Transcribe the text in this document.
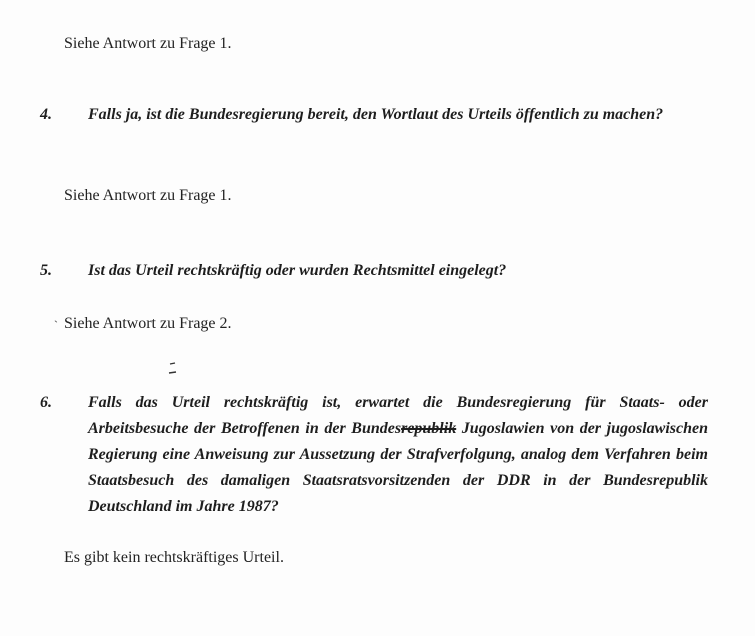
Siehe Antwort zu Frage 1.
4. Falls ja, ist die Bundesregierung bereit, den Wortlaut des Urteils öffentlich zu machen?
Siehe Antwort zu Frage 1.
5. Ist das Urteil rechtskräftig oder wurden Rechtsmittel eingelegt?
` Siehe Antwort zu Frage 2.
6. Falls das Urteil rechtskräftig ist, erwartet die Bundesregierung für Staats- oder Arbeitsbesuche der Betroffenen in der Bundesrepublik Jugoslawien von der jugoslawischen Regierung eine Anweisung zur Aussetzung der Strafverfolgung, analog dem Verfahren beim Staatsbesuch des damaligen Staatsratsvorsitzenden der DDR in der Bundesrepublik Deutschland im Jahre 1987?
Es gibt kein rechtskräftiges Urteil.
